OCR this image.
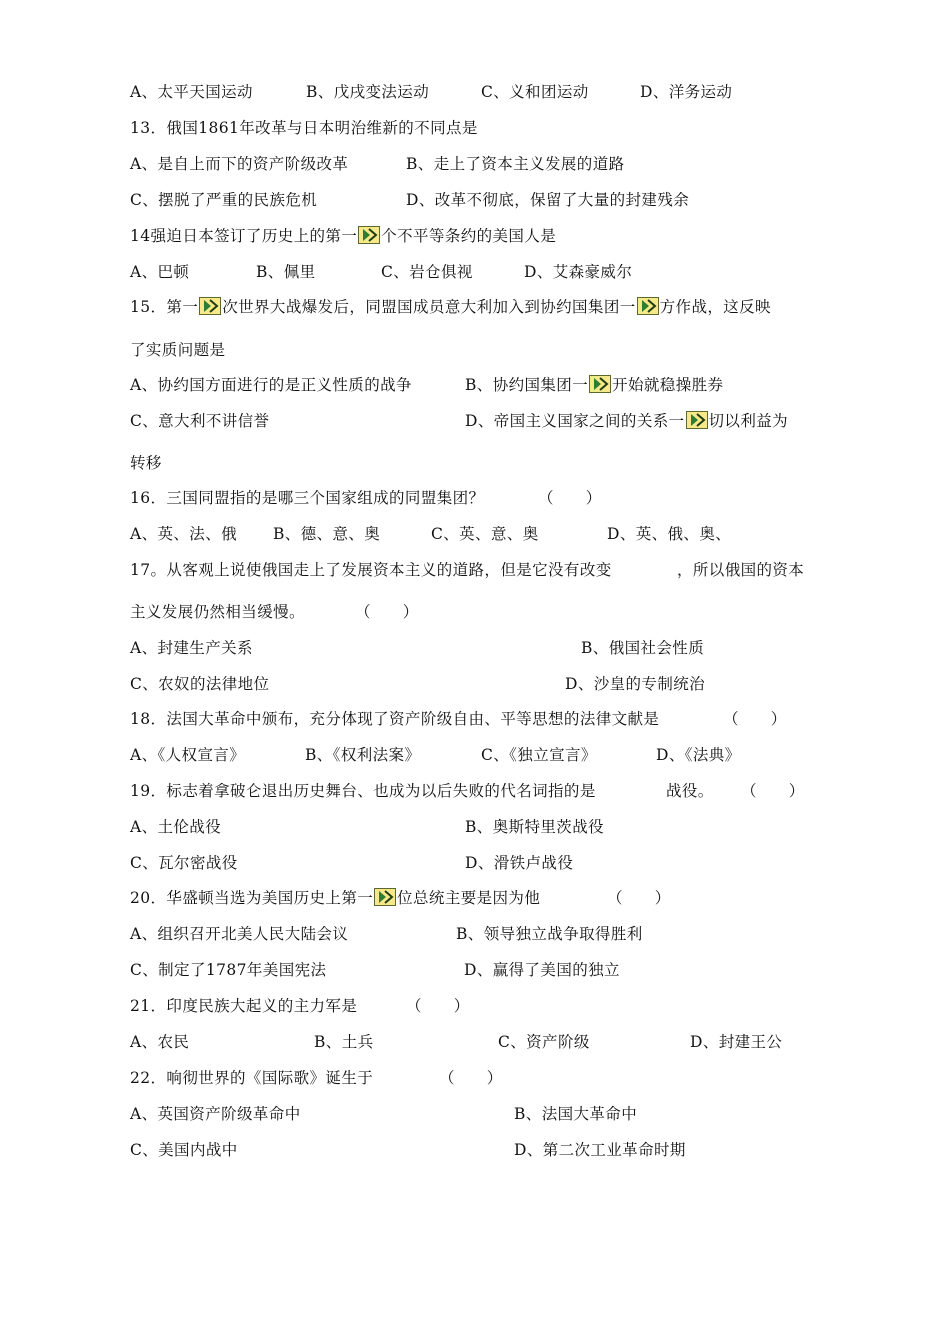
A、太平天国运动	B、戊戌变法运动	C、义和团运动	D、洋务运动
13．俄国1861年改革与日本明治维新的不同点是
A、是自上而下的资产阶级改革	B、走上了资本主义发展的道路
C、摆脱了严重的民族危机	D、改革不彻底，保留了大量的封建残余
14强迫日本签订了历史上的第一 个不平等条约的美国人是
A、巴顿	B、佩里	C、岩仓俱视	D、艾森豪威尔
15．第一 次世界大战爆发后，同盟国成员意大利加入到协约国集团一 方作战，这反映
了实质问题是
A、协约国方面进行的是正义性质的战争	B、协约国集团一 开始就稳操胜券
C、意大利不讲信誉	D、帝国主义国家之间的关系一 切以利益为
转移
16．三国同盟指的是哪三个国家组成的同盟集团？	（　　）
A、英、法、俄 B、德、意、奥	C、英、意、奥	D、英、俄、奥、
17。从客观上说使俄国走上了发展资本主义的道路，但是它没有改变	，所以俄国的资本
主义发展仍然相当缓慢。	（　　）
A、封建生产关系	B、俄国社会性质
C、农奴的法律地位	D、沙皇的专制统治
18．法国大革命中颁布，充分体现了资产阶级自由、平等思想的法律文献是	（　　）
A、《人权宣言》	B、《权利法案》	C、《独立宣言》	D、《法典》
19．标志着拿破仑退出历史舞台、也成为以后失败的代名词指的是	战役。 （　　）
A、土伦战役	B、奥斯特里茨战役
C、瓦尔密战役	D、滑铁卢战役
20．华盛顿当选为美国历史上第一 位总统主要是因为他	（　　）
A、组织召开北美人民大陆会议	B、领导独立战争取得胜利
C、制定了1787年美国宪法	D、赢得了美国的独立
21．印度民族大起义的主力军是	（　　）
A、农民	B、土兵	C、资产阶级	D、封建王公
22．响彻世界的《国际歌》诞生于	（　　）
A、英国资产阶级革命中	B、法国大革命中
C、美国内战中	D、第二次工业革命时期
